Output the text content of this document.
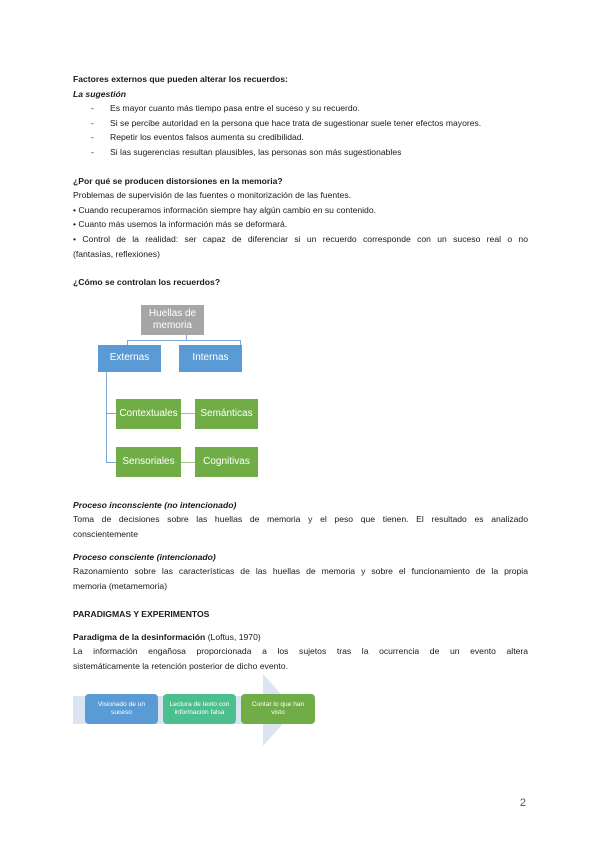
Factores externos que pueden alterar los recuerdos:
La sugestión
- Es mayor cuanto más tiempo pasa entre el suceso y su recuerdo.
- Si se percibe autoridad en la persona que hace trata de sugestionar suele tener efectos mayores.
- Repetir los eventos falsos aumenta su credibilidad.
- Si las sugerencias resultan plausibles, las personas son más sugestionables
¿Por qué se producen distorsiones en la memoria?
Problemas de supervisión de las fuentes o monitorización de las fuentes.
• Cuando recuperamos información siempre hay algún cambio en su contenido.
• Cuanto más usemos la información más se deformará.
• Control de la realidad: ser capaz de diferenciar si un recuerdo corresponde con un suceso real o no
(fantasías, reflexiones)
¿Cómo se controlan los recuerdos?
Huellas de memoria
Externas	Internas
Contextuales
Sensoriales
Semánticas
Cognitivas
Proceso inconsciente (no intencionado)
Toma de decisiones sobre las huellas de memoria y el peso que tienen. El resultado es analizado
conscientemente
Proceso consciente (intencionado)
Razonamiento sobre las características de las huellas de memoria y sobre el funcionamiento de la propia
memoria (metamemoria)
PARADIGMAS Y EXPERIMENTOS
Paradigma de la desinformación (Loftus, 1970)
La información engañosa proporcionada a los sujetos tras la ocurrencia de un evento altera
sistemáticamente la retención posterior de dicho evento.
Visionado de un suceso
Lectura de texto con información falsa
Contar lo que han visto
2
